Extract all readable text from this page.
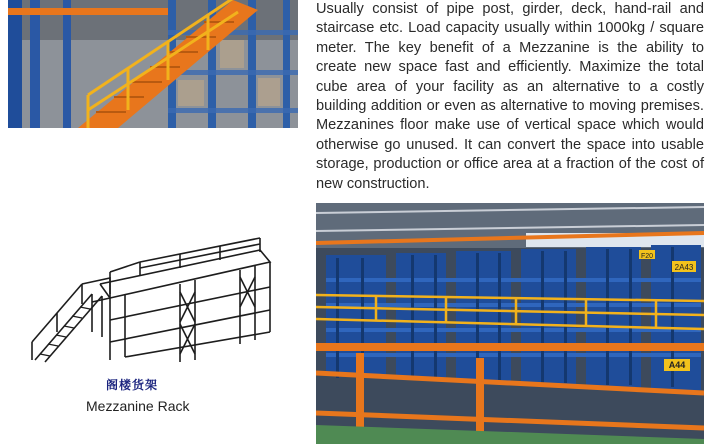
Usually consist of pipe post, girder, deck, hand-rail and staircase etc. Load capacity usually within 1000kg / square meter. The key benefit of a Mezzanine is the ability to create new space fast and efficiently. Maximize the total cube area of your facility as an alternative to a costly building addition or even as alternative to moving premises. Mezzanines floor make use of vertical space which would otherwise go unused. It can convert the space into usable storage, production or office area at a fraction of the cost of new construction.

阁楼货架
Mezzanine Rack
F20
2A43
A44
